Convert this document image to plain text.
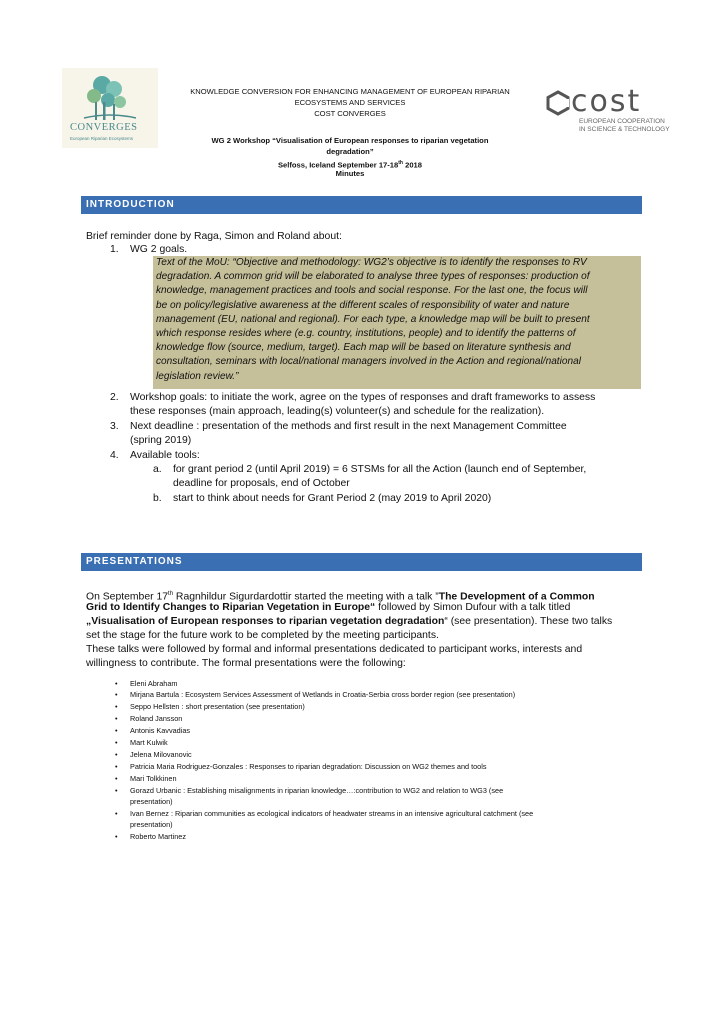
CONVERGES
European Riparian Ecosystems
cost
EUROPEAN COOPERATION
IN SCIENCE & TECHNOLOGY
KNOWLEDGE CONVERSION FOR ENHANCING MANAGEMENT OF EUROPEAN RIPARIAN
ECOSYSTEMS AND SERVICES
COST CONVERGES
WG 2 Workshop “Visualisation of European responses to riparian vegetation
degradation”
Selfoss, Iceland September 17-18th 2018
Minutes
INTRODUCTION
Brief reminder done by Raga, Simon and Roland about:
1. WG 2 goals.
Text of the MoU: “Objective and methodology: WG2’s objective is to identify the responses to RV
degradation. A common grid will be elaborated to analyse three types of responses: production of
knowledge, management practices and tools and social response. For the last one, the focus will
be on policy/legislative awareness at the different scales of responsibility of water and nature
management (EU, national and regional). For each type, a knowledge map will be built to present
which response resides where (e.g. country, institutions, people) and to identify the patterns of
knowledge flow (source, medium, target). Each map will be based on literature synthesis and
consultation, seminars with local/national managers involved in the Action and regional/national
legislation review.”
2. Workshop goals: to initiate the work, agree on the types of responses and draft frameworks to assess
these responses (main approach, leading(s) volunteer(s) and schedule for the realization).
3. Next deadline : presentation of the methods and first result in the next Management Committee
(spring 2019)
4. Available tools:
a. for grant period 2 (until April 2019) = 6 STSMs for all the Action (launch end of September,
deadline for proposals, end of October
b. start to think about needs for Grant Period 2 (may 2019 to April 2020)
PRESENTATIONS
On September 17th Ragnhildur Sigurdardottir started the meeting with a talk ”The Development of a Common
Grid to Identify Changes to Riparian Vegetation in Europe“ followed by Simon Dufour with a talk titled
„Visualisation of European responses to riparian vegetation degradation“ (see presentation). These two talks
set the stage for the future work to be completed by the meeting participants.
These talks were followed by formal and informal presentations dedicated to participant works, interests and
willingness to contribute. The formal presentations were the following:
• Eleni Abraham
• Mirjana Bartula : Ecosystem Services Assessment of Wetlands in Croatia-Serbia cross border region (see presentation)
• Seppo Hellsten : short presentation (see presentation)
• Roland Jansson
• Antonis Kavvadias
• Mart Kulwik
• Jelena Milovanovic
• Patricia Maria Rodriguez-Gonzales : Responses to riparian degradation: Discussion on WG2 themes and tools
• Mari Tolkkinen
• Gorazd Urbanic : Establishing misalignments in riparian knowledge…:contribution to WG2 and relation to WG3 (see
presentation)
• Ivan Bernez : Riparian communities as ecological indicators of headwater streams in an intensive agricultural catchment (see
presentation)
• Roberto Martinez
